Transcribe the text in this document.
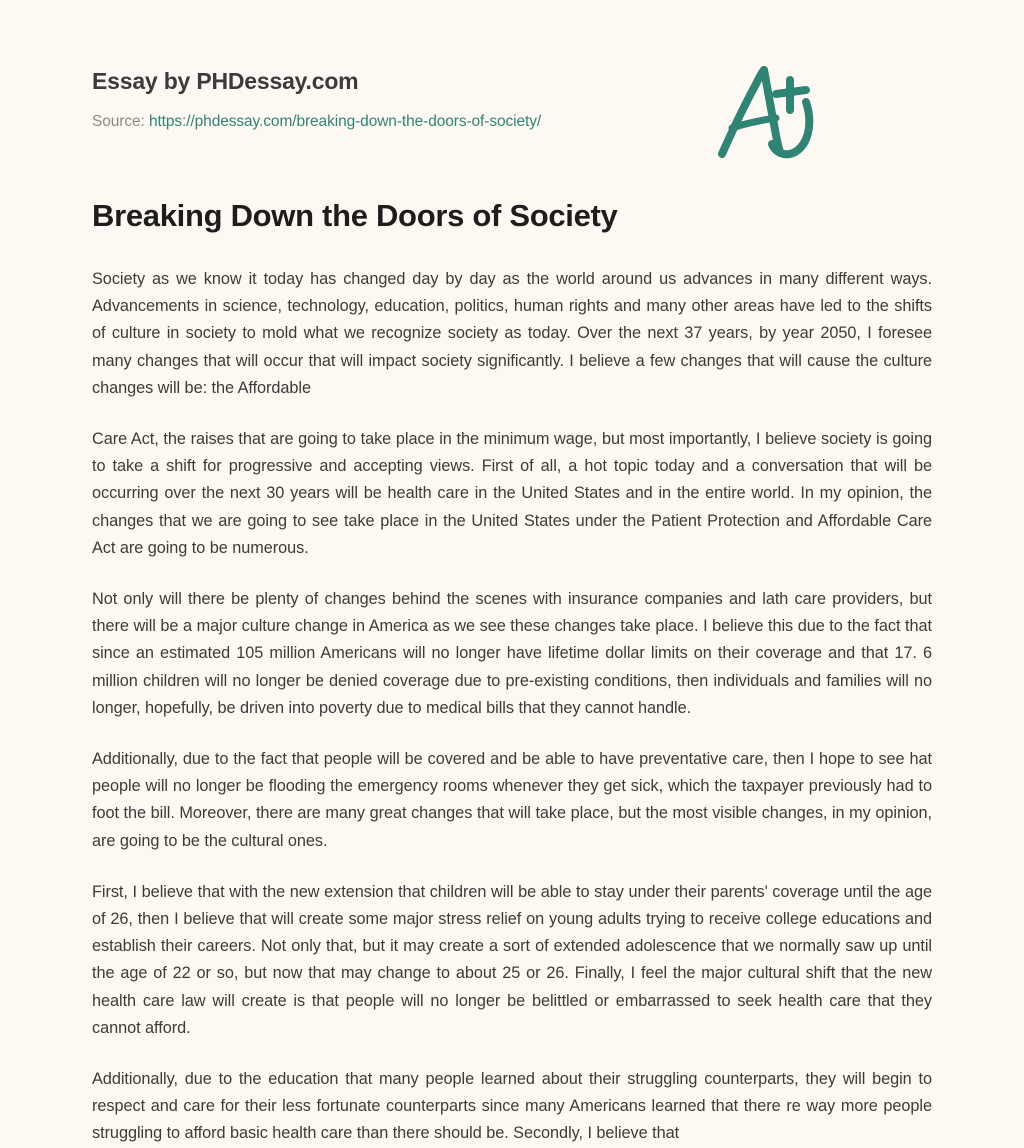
Essay by PHDessay.com
Source: https://phdessay.com/breaking-down-the-doors-of-society/
Breaking Down the Doors of Society

Society as we know it today has changed day by day as the world around us advances in many different ways. Advancements in science, technology, education, politics, human rights and many other areas have led to the shifts of culture in society to mold what we recognize society as today. Over the next 37 years, by year 2050, I foresee many changes that will occur that will impact society significantly. I believe a few changes that will cause the culture changes will be: the Affordable

Care Act, the raises that are going to take place in the minimum wage, but most importantly, I believe society is going to take a shift for progressive and accepting views. First of all, a hot topic today and a conversation that will be occurring over the next 30 years will be health care in the United States and in the entire world. In my opinion, the changes that we are going to see take place in the United States under the Patient Protection and Affordable Care Act are going to be numerous.

Not only will there be plenty of changes behind the scenes with insurance companies and lath care providers, but there will be a major culture change in America as we see these changes take place. I believe this due to the fact that since an estimated 105 million Americans will no longer have lifetime dollar limits on their coverage and that 17. 6 million children will no longer be denied coverage due to pre-existing conditions, then individuals and families will no longer, hopefully, be driven into poverty due to medical bills that they cannot handle.

Additionally, due to the fact that people will be covered and be able to have preventative care, then I hope to see hat people will no longer be flooding the emergency rooms whenever they get sick, which the taxpayer previously had to foot the bill. Moreover, there are many great changes that will take place, but the most visible changes, in my opinion, are going to be the cultural ones.

First, I believe that with the new extension that children will be able to stay under their parents' coverage until the age of 26, then I believe that will create some major stress relief on young adults trying to receive college educations and establish their careers. Not only that, but it may create a sort of extended adolescence that we normally saw up until the age of 22 or so, but now that may change to about 25 or 26. Finally, I feel the major cultural shift that the new health care law will create is that people will no longer be belittled or embarrassed to seek health care that they cannot afford.

Additionally, due to the education that many people learned about their struggling counterparts, they will begin to respect and care for their less fortunate counterparts since many Americans learned that there re way more people struggling to afford basic health care than there should be. Secondly, I believe that
